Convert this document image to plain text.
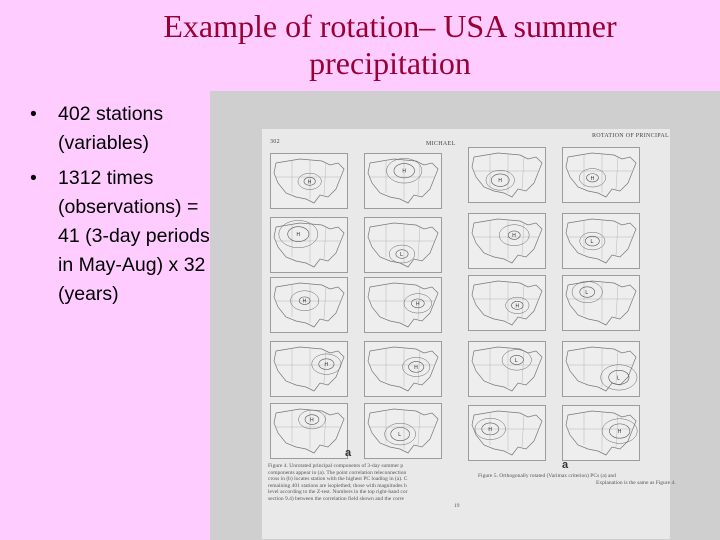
Example of rotation– USA summer
precipitation
• 402 stations (variables)
• 1312 times (observations) = 41 (3-day periods in May-Aug) x 32 (years)
302	MICHAEL
ROTATION OF PRINCIPAL
H
H
H	H
H
L
H
L
H	H	H
L
H	H
L
L
H
L
H	H
a
a
Figure 4. Unrotated principal components of 3-day summer p
components appear in (a). The point correlation teleconnection
cross in (b) locates station with the highest PC loading in (a). C
remaining 401 stations are isoplethed; those with magnitudes h
level according to the Z-test. Numbers in the top right-hand cor
section 9.4) between the correlation field shown and the corre
19
Figure 5. Orthogonally rotated (Varimax criterion) PCs (a) and
Explanation is the same as Figure 4.
